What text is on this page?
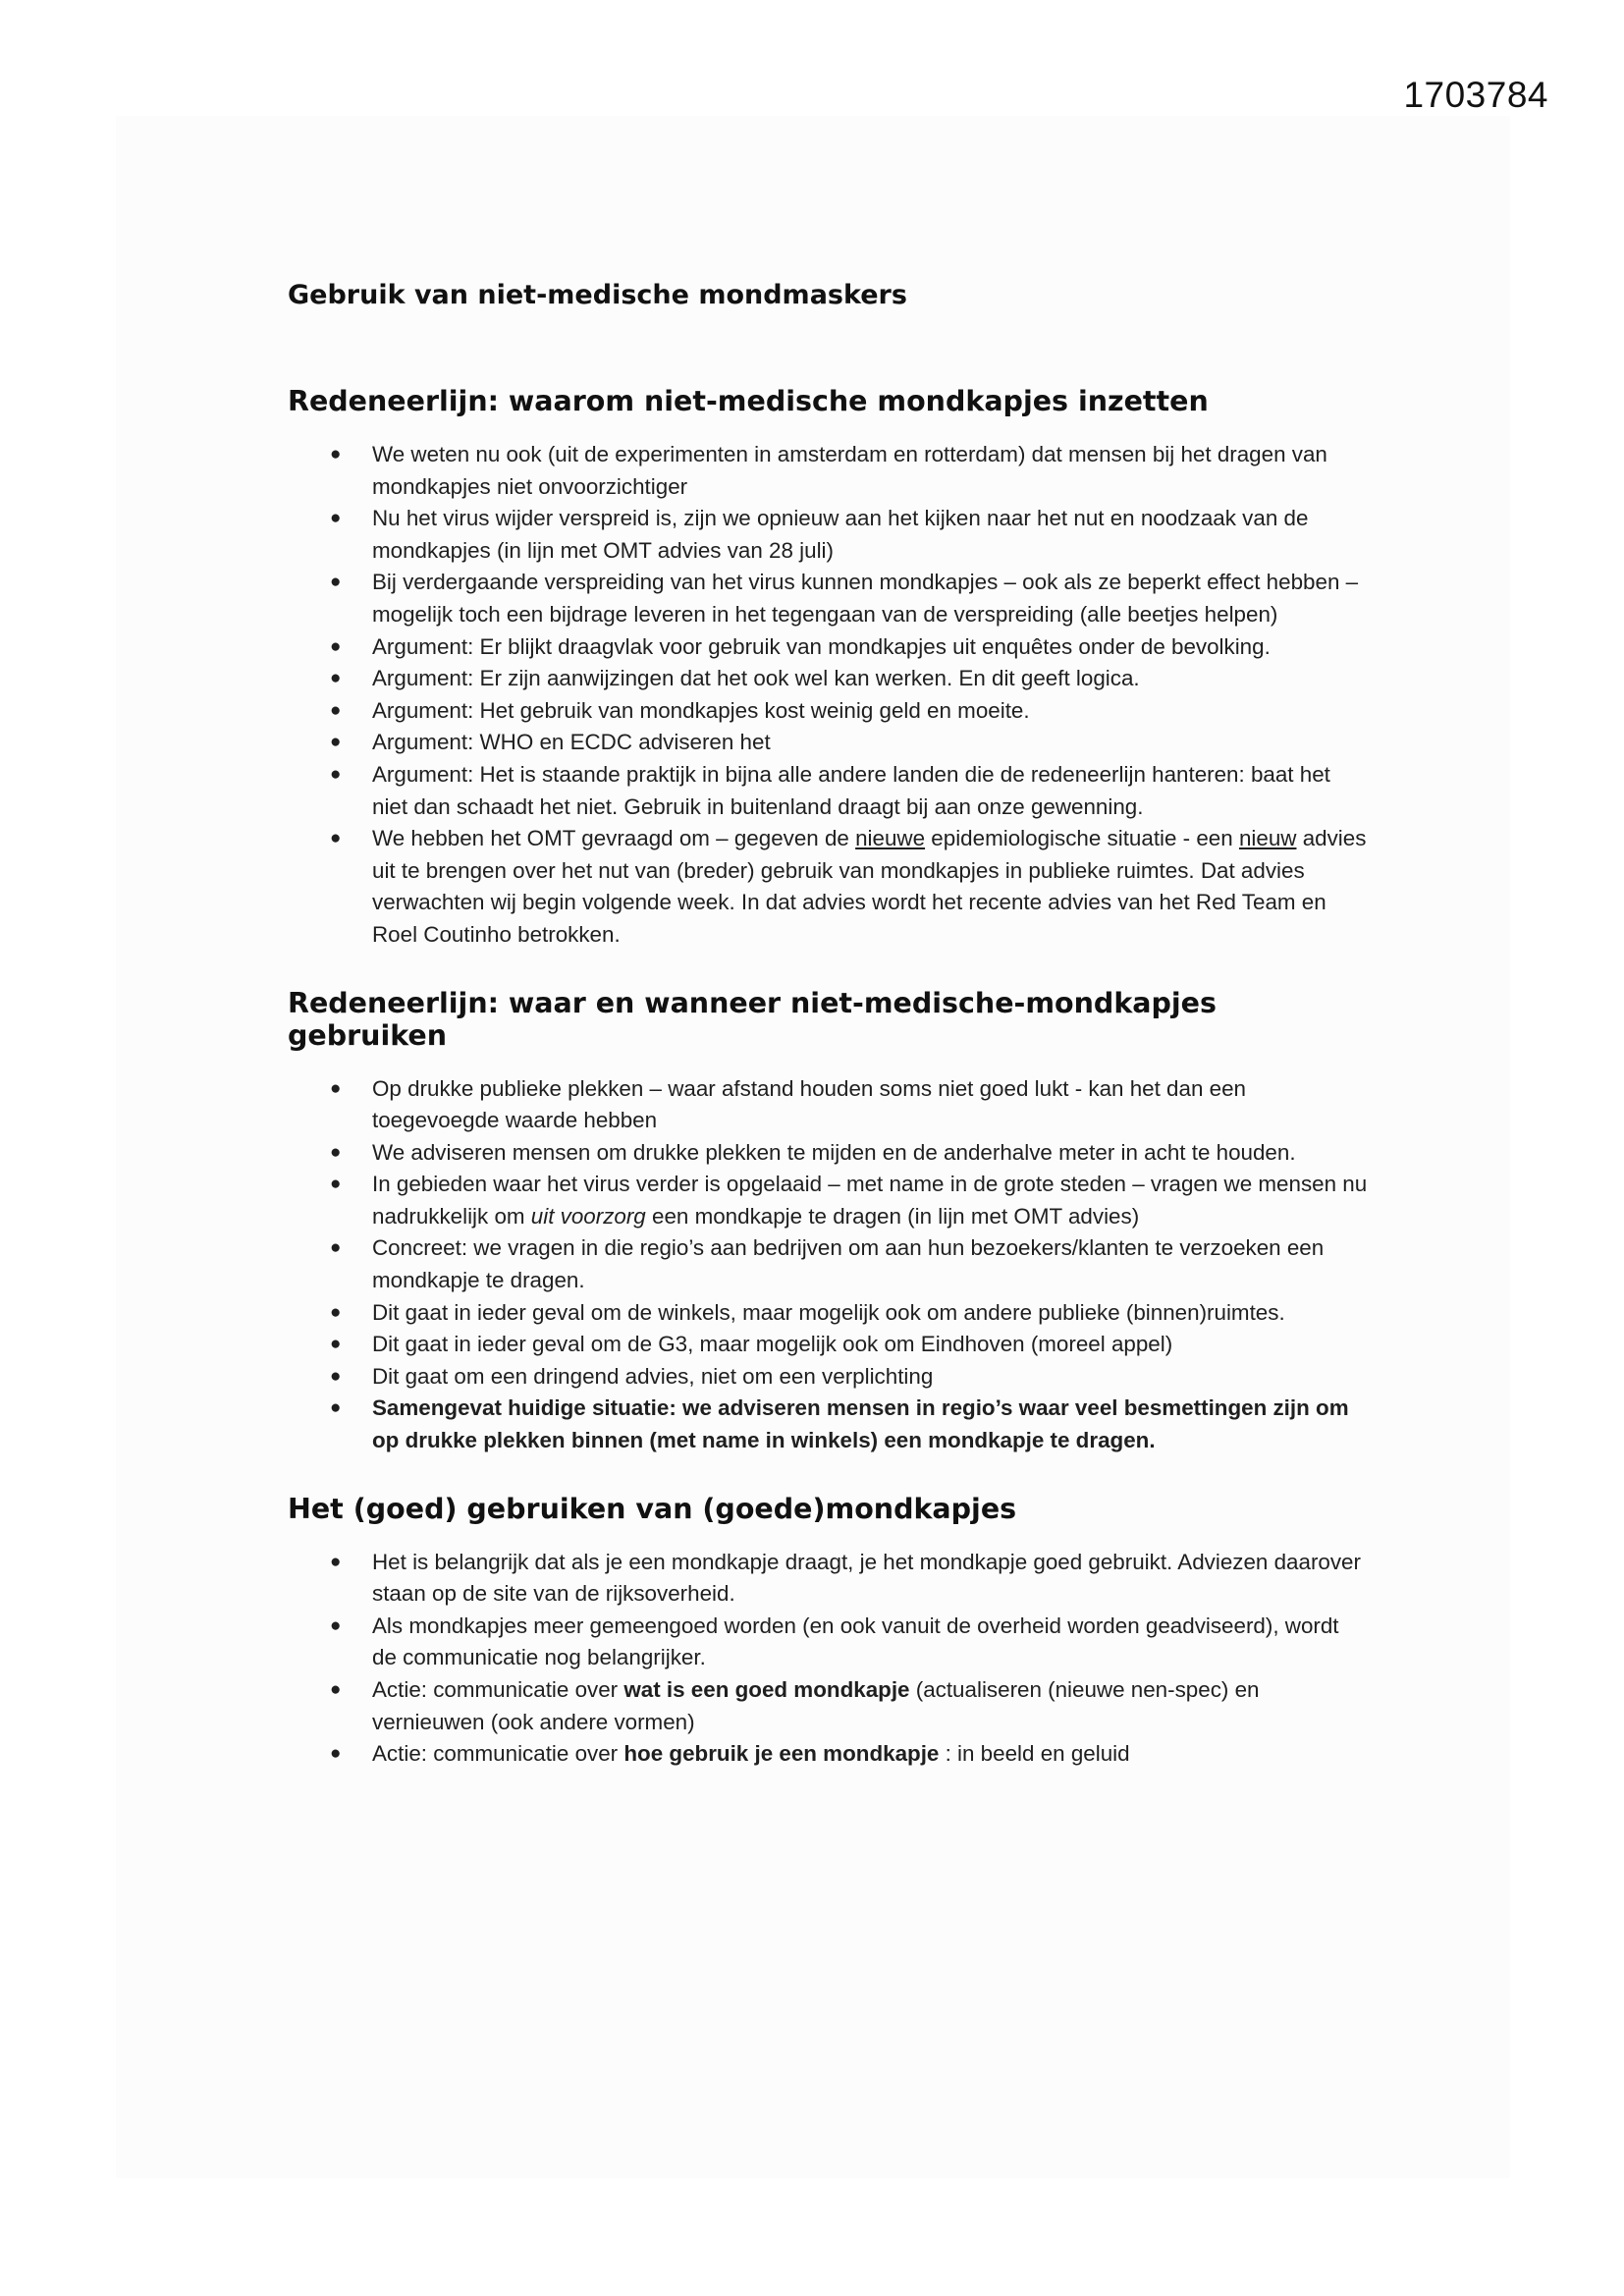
1703784
Gebruik van niet-medische mondmaskers
Redeneerlijn: waarom niet-medische mondkapjes inzetten
● We weten nu ook (uit de experimenten in amsterdam en rotterdam) dat mensen bij het dragen van mondkapjes niet onvoorzichtiger
● Nu het virus wijder verspreid is, zijn we opnieuw aan het kijken naar het nut en noodzaak van de mondkapjes (in lijn met OMT advies van 28 juli)
● Bij verdergaande verspreiding van het virus kunnen mondkapjes – ook als ze beperkt effect hebben – mogelijk toch een bijdrage leveren in het tegengaan van de verspreiding (alle beetjes helpen)
● Argument: Er blijkt draagvlak voor gebruik van mondkapjes uit enquêtes onder de bevolking.
● Argument: Er zijn aanwijzingen dat het ook wel kan werken. En dit geeft logica.
● Argument: Het gebruik van mondkapjes kost weinig geld en moeite.
● Argument: WHO en ECDC adviseren het
● Argument: Het is staande praktijk in bijna alle andere landen die de redeneerlijn hanteren: baat het niet dan schaadt het niet. Gebruik in buitenland draagt bij aan onze gewenning.
● We hebben het OMT gevraagd om – gegeven de nieuwe epidemiologische situatie - een nieuw advies uit te brengen over het nut van (breder) gebruik van mondkapjes in publieke ruimtes. Dat advies verwachten wij begin volgende week. In dat advies wordt het recente advies van het Red Team en Roel Coutinho betrokken.
Redeneerlijn: waar en wanneer niet-medische-mondkapjes gebruiken
● Op drukke publieke plekken – waar afstand houden soms niet goed lukt - kan het dan een toegevoegde waarde hebben
● We adviseren mensen om drukke plekken te mijden en de anderhalve meter in acht te houden.
● In gebieden waar het virus verder is opgelaaid – met name in de grote steden – vragen we mensen nu nadrukkelijk om uit voorzorg een mondkapje te dragen (in lijn met OMT advies)
● Concreet: we vragen in die regio’s aan bedrijven om aan hun bezoekers/klanten te verzoeken een mondkapje te dragen.
● Dit gaat in ieder geval om de winkels, maar mogelijk ook om andere publieke (binnen)ruimtes.
● Dit gaat in ieder geval om de G3, maar mogelijk ook om Eindhoven (moreel appel)
● Dit gaat om een dringend advies, niet om een verplichting
● Samengevat huidige situatie: we adviseren mensen in regio’s waar veel besmettingen zijn om op drukke plekken binnen (met name in winkels) een mondkapje te dragen.
Het (goed) gebruiken van (goede)mondkapjes
● Het is belangrijk dat als je een mondkapje draagt, je het mondkapje goed gebruikt. Adviezen daarover staan op de site van de rijksoverheid.
● Als mondkapjes meer gemeengoed worden (en ook vanuit de overheid worden geadviseerd), wordt de communicatie nog belangrijker.
● Actie: communicatie over wat is een goed mondkapje (actualiseren (nieuwe nen-spec) en vernieuwen (ook andere vormen)
● Actie: communicatie over hoe gebruik je een mondkapje : in beeld en geluid
